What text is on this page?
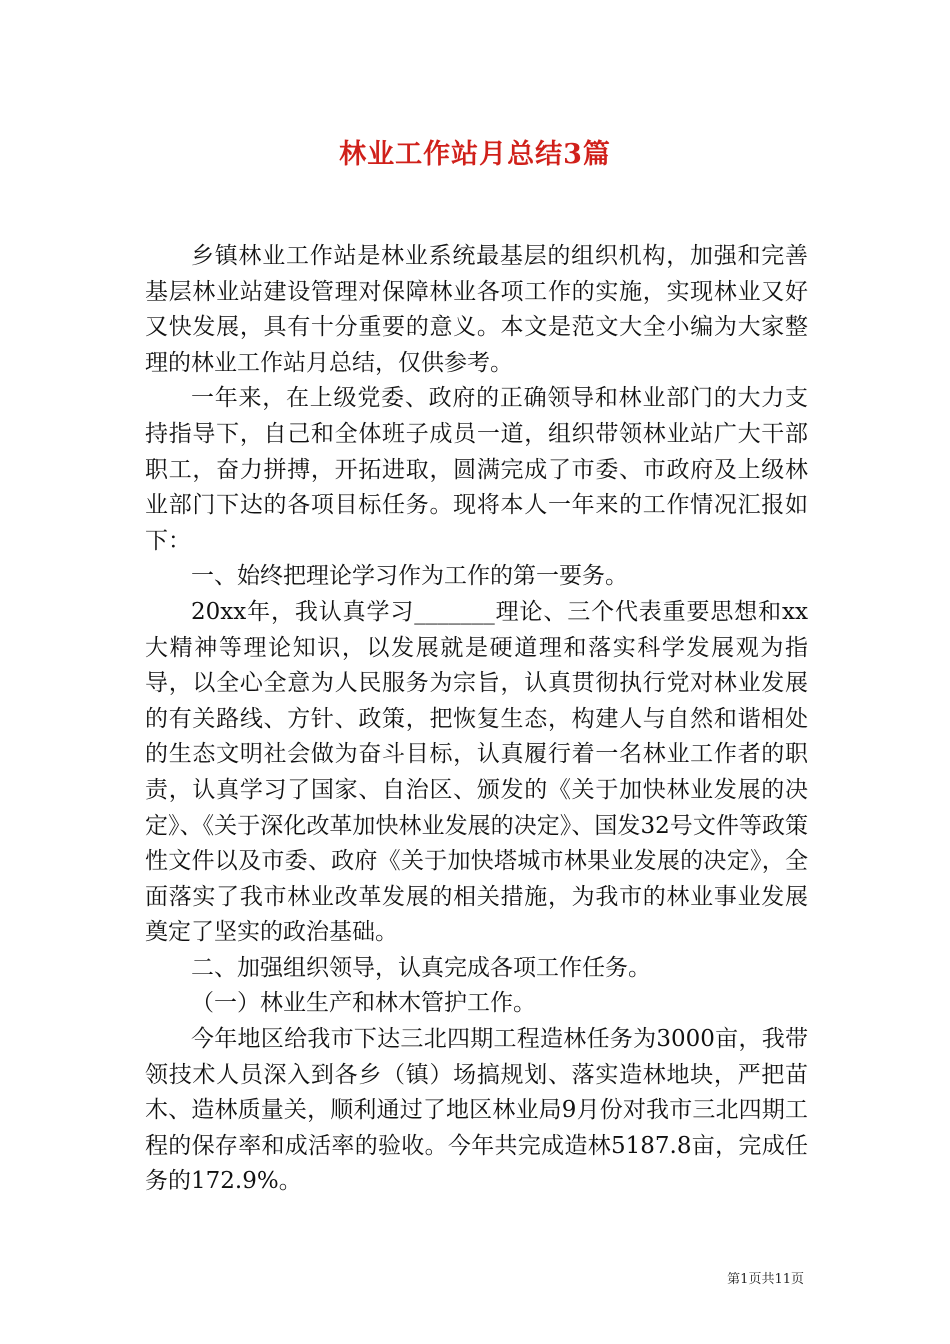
林业工作站月总结3篇

乡镇林业工作站是林业系统最基层的组织机构，加强和完善基层林业站建设管理对保障林业各项工作的实施，实现林业又好又快发展，具有十分重要的意义。本文是范文大全小编为大家整理的林业工作站月总结，仅供参考。

一年来，在上级党委、政府的正确领导和林业部门的大力支持指导下，自己和全体班子成员一道，组织带领林业站广大干部职工，奋力拼搏，开拓进取，圆满完成了市委、市政府及上级林业部门下达的各项目标任务。现将本人一年来的工作情况汇报如下：

一、始终把理论学习作为工作的第一要务。

20xx年，我认真学习_______理论、三个代表重要思想和xx大精神等理论知识，以发展就是硬道理和落实科学发展观为指导，以全心全意为人民服务为宗旨，认真贯彻执行党对林业发展的有关路线、方针、政策，把恢复生态，构建人与自然和谐相处的生态文明社会做为奋斗目标，认真履行着一名林业工作者的职责，认真学习了国家、自治区、颁发的《关于加快林业发展的决定》、《关于深化改革加快林业发展的决定》、国发32号文件等政策性文件以及市委、政府《关于加快塔城市林果业发展的决定》，全面落实了我市林业改革发展的相关措施，为我市的林业事业发展奠定了坚实的政治基础。

二、加强组织领导，认真完成各项工作任务。

（一）林业生产和林木管护工作。

今年地区给我市下达三北四期工程造林任务为3000亩，我带领技术人员深入到各乡（镇）场搞规划、落实造林地块，严把苗木、造林质量关，顺利通过了地区林业局9月份对我市三北四期工程的保存率和成活率的验收。今年共完成造林5187.8亩，完成任务的172.9%。

第1页共11页
